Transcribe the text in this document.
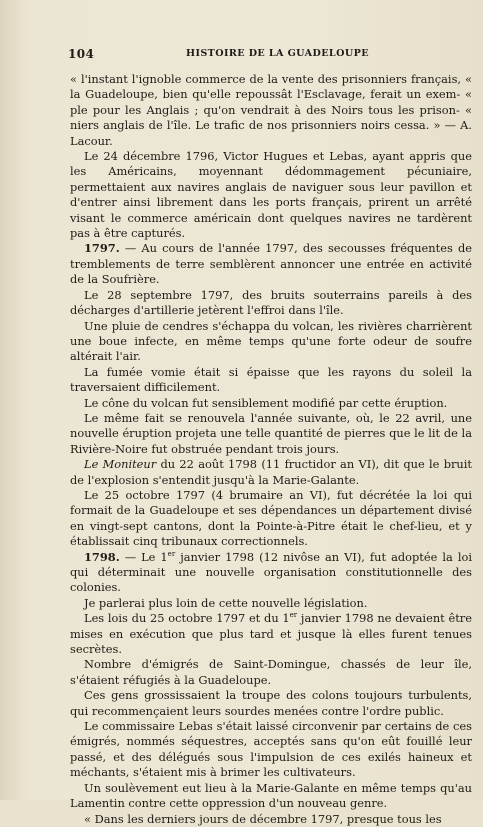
104	HISTOIRE DE LA GUADELOUPE

« l'instant l'ignoble commerce de la vente des prisonniers français, « la Guadeloupe, bien qu'elle repoussât l'Esclavage, ferait un exem- « ple pour les Anglais ; qu'on vendrait à des Noirs tous les prison- « niers anglais de l'île. Le trafic de nos prisonniers noirs cessa. » — A. Lacour.

Le 24 décembre 1796, Victor Hugues et Lebas, ayant appris que les Américains, moyennant dédommagement pécuniaire, permettaient aux navires anglais de naviguer sous leur pavillon et d'entrer ainsi librement dans les ports français, prirent un arrêté visant le commerce américain dont quelques navires ne tardèrent pas à être capturés.

1797. — Au cours de l'année 1797, des secousses fréquentes de tremblements de terre semblèrent annoncer une entrée en activité de la Soufrière.

Le 28 septembre 1797, des bruits souterrains pareils à des décharges d'artillerie jetèrent l'effroi dans l'île.

Une pluie de cendres s'échappa du volcan, les rivières charrièrent une boue infecte, en même temps qu'une forte odeur de soufre altérait l'air.

La fumée vomie était si épaisse que les rayons du soleil la traversaient difficilement.

Le cône du volcan fut sensiblement modifié par cette éruption.

Le même fait se renouvela l'année suivante, où, le 22 avril, une nouvelle éruption projeta une telle quantité de pierres que le lit de la Rivière-Noire fut obstruée pendant trois jours.

Le Moniteur du 22 août 1798 (11 fructidor an VI), dit que le bruit de l'explosion s'entendit jusqu'à la Marie-Galante.

Le 25 octobre 1797 (4 brumaire an VI), fut décrétée la loi qui formait de la Guadeloupe et ses dépendances un département divisé en vingt-sept cantons, dont la Pointe-à-Pitre était le chef-lieu, et y établissait cinq tribunaux correctionnels.

1798. — Le 1er janvier 1798 (12 nivôse an VI), fut adoptée la loi qui déterminait une nouvelle organisation constitutionnelle des colonies.

Je parlerai plus loin de cette nouvelle législation.

Les lois du 25 octobre 1797 et du 1er janvier 1798 ne devaient être mises en exécution que plus tard et jusque là elles furent tenues secrètes.

Nombre d'émigrés de Saint-Domingue, chassés de leur île, s'étaient réfugiés à la Guadeloupe.

Ces gens grossissaient la troupe des colons toujours turbulents, qui recommençaient leurs sourdes menées contre l'ordre public.

Le commissaire Lebas s'était laissé circonvenir par certains de ces émigrés, nommés séquestres, acceptés sans qu'on eût fouillé leur passé, et des délégués sous l'impulsion de ces exilés haineux et méchants, s'étaient mis à brimer les cultivateurs.

Un soulèvement eut lieu à la Marie-Galante en même temps qu'au Lamentin contre cette oppression d'un nouveau genre.

« Dans les derniers jours de décembre 1797, presque tous les
